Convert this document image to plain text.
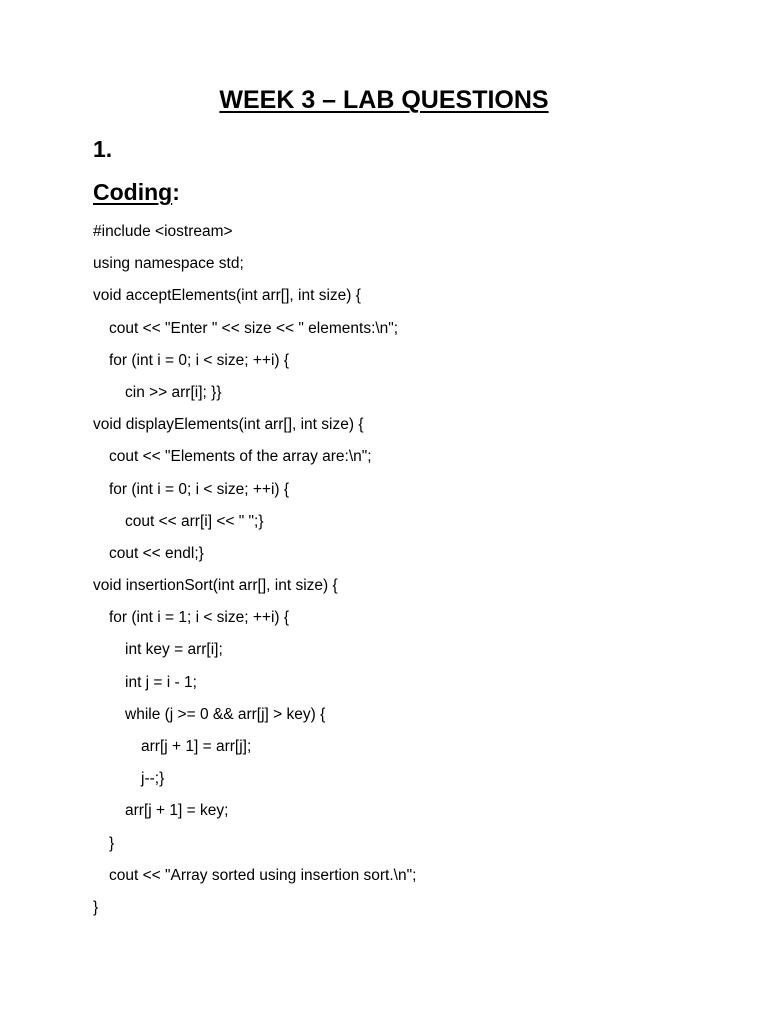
WEEK 3 – LAB QUESTIONS
1.
Coding:
#include <iostream>
using namespace std;
void acceptElements(int arr[], int size) {
cout << "Enter " << size << " elements:\n";
for (int i = 0; i < size; ++i) {
cin >> arr[i]; }}
void displayElements(int arr[], int size) {
cout << "Elements of the array are:\n";
for (int i = 0; i < size; ++i) {
cout << arr[i] << " ";}
cout << endl;}
void insertionSort(int arr[], int size) {
for (int i = 1; i < size; ++i) {
int key = arr[i];
int j = i - 1;
while (j >= 0 && arr[j] > key) {
arr[j + 1] = arr[j];
j--;}
arr[j + 1] = key;
}
cout << "Array sorted using insertion sort.\n";
}
